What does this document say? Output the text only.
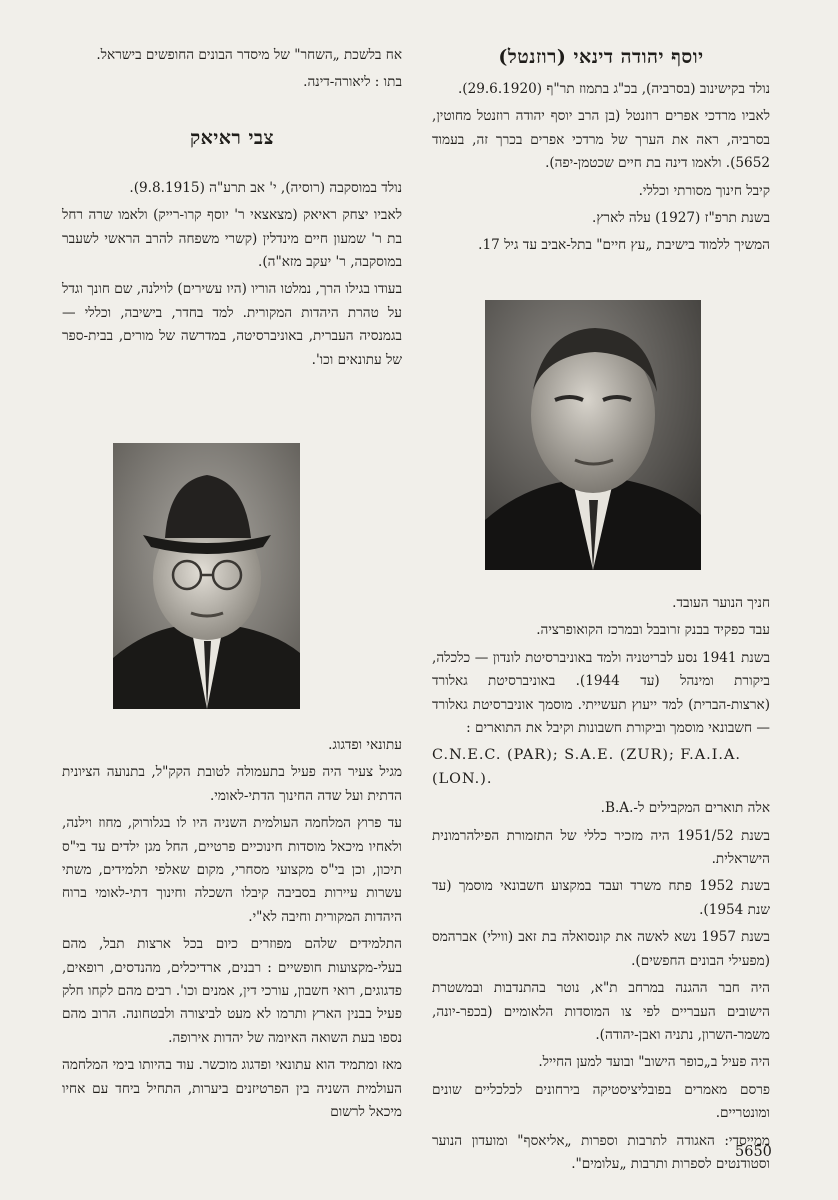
יוסף יהודה דינאי (רוזנטל)

נולד בקישינוב (בסרביה), בכ"ג בתמוז תר"ף (29.6.1920).

לאביו מרדכי אפרים רוזנטל (בן הרב יוסף יהודה רוזנטל מחוטין, בסרביה, ראה את הערך של מרדכי אפרים בכרך זה, בעמוד 5652). ולאמו דינה בת חיים שכטמן-יפה).

קיבל חינוך מסורתי וכללי.

בשנת תרפ"ז (1927) עלה לארץ.

המשיך ללמוד בישיבת „עץ חיים" בתל-אביב עד גיל 17.

חניך הנוער העובד.

עבד כפקיד בבנק זרובבל ובמרכז הקואופרציה.

בשנת 1941 נסע לבריטניה ולמד באוניברסיטת לונדון — כלכלה, ביקורת ומינהל (עד 1944). באוניברסיטת גאלורד (ארצות-הברית) למד ייעוץ תעשייתי. מוסמך אוניברסיטת גאלורד — חשבונאי מוסמך וביקורת חשבונות וקיבל את התוארים :

C.N.E.C. (PAR); S.A.E. (ZUR); F.A.I.A. (LON.).

אלה תוארים המקבילים ל-.B.A.

בשנת 1951/52 היה מזכיר כללי של התזמורת הפילהרמונית הישראלית.

בשנת 1952 פתח משרד ועבד במקצוע חשבונאי מוסמך (עד שנת 1954).

בשנת 1957 נשא לאשה את קונסואלה בת זאב (ווילי) אברהמס (מפעילי הבונים החפשים).

היה חבר ההגנה במרחב ת"א, נוטר בהתנדבות ובמשטרת הישובים העבריים לפי צו המוסדות הלאומיים (בכפר-יונה, משמר-השרון, נתניה ואבן-יהודה).

היה פעיל ב„כופר הישוב" ובועד למען החייל.

פרסם מאמרים בפובליציסטיקה בירחונים לכלכליים שונים ומונטריים.

ממייסדי: האגודה לתרבות וספרות „אליאסף" ומועדון הנוער וסטודנטים לספרות ותרבות „עלומים".

אח בלשכת „השחר" של מיסדר הבונים החופשים בישראל.

בתו : ליאורה-דינה.

צבי ראיאק

נולד במוסקבה (רוסיה), י' אב תרע"ה (9.8.1915).

לאביו יצחק ראיאק (מצאצאי ר' יוסף קרו-רייק) ולאמו שרה רחל בת ר' שמעון חיים מינדלין (קשרי משפחה להרב הראשי לשעבר במוסקבה, ר' יעקב מזא"ה).

בעודו בגילו הרך, נמלטו הוריו (היו עשירים) לוילנה, שם חונך וגדל על טהרת היהדות המקורית. למד בחדר, בישיבה, וכללי — בגמנסיה העברית, באוניברסיטה, במדרשה של מורים, בבית-ספר של עתונאים וכו'.

עתונאי ופדגוג.

מגיל צעיר היה פעיל בתעמולה לטובת הקק"ל, בתנועה הציונית הדתית ועל שדה החינוך הדתי-לאומי.

עד פרוץ המלחמה העולמית השניה היו לו בגלורוק, מחוז וילנה, ולאחיו מיכאל מוסדות חינוכיים פרטיים, החל מגן ילדים עד בי"ס תיכון, וכן בי"ס מקצועי מסחרי, מקום שאלפי תלמידים, משתי עשרות עיירות בסביבה קיבלו השכלה וחינוך דתי-לאומי ברוח היהדות המקורית וחיבה לא"י.

התלמידים שלהם מפוזרים כיום בכל ארצות תבל, מהם בעלי-מקצועות חופשיים : רבנים, ארדיכלים, מהנדסים, רופאים, פדגוגים, רואי חשבון, עורכי דין, אמנים וכו'. רבים מהם לקחו חלק פעיל בבנין הארץ ותרמו לא מעט לביצורה ולבטחונה. הרוב מהם נספו בעת השואה האיומה של יהדות אירופה.

מאז ומתמיד הוא עתונאי ופדגוג מוכשר. עוד בהיותו בימי המלחמה העולמית השניה בין הפרטיזנים ביערות, התחיל ביחד עם אחיו מיכאל לרשום

5650
